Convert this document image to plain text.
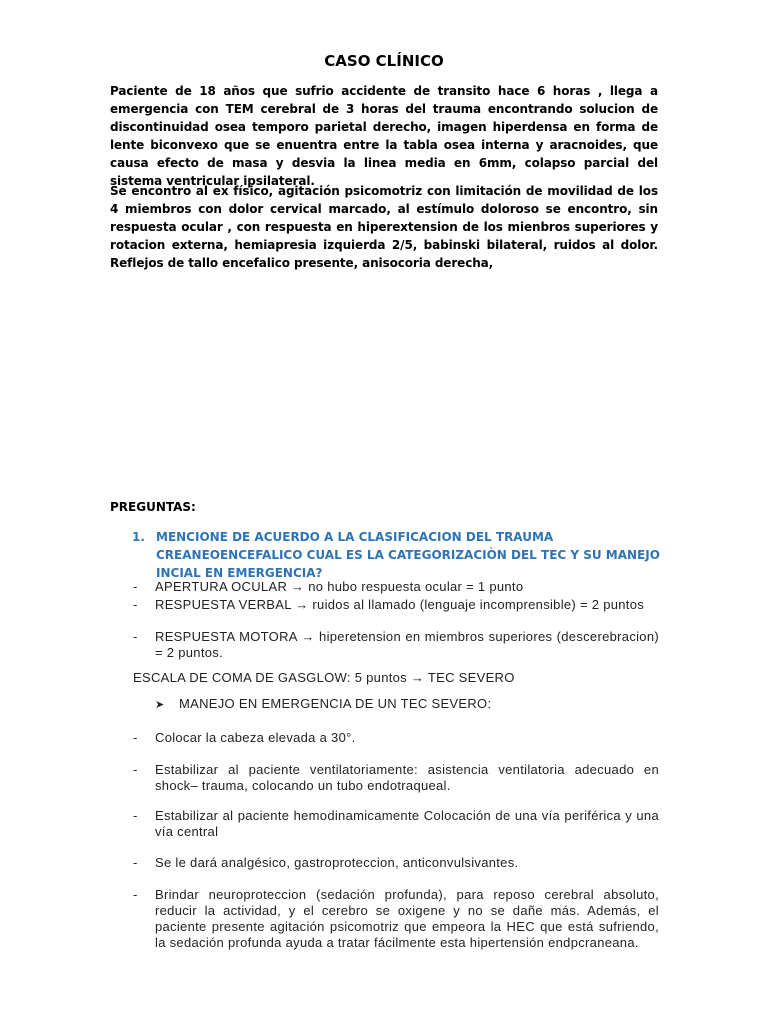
CASO CLÍNICO
Paciente de 18 años que sufrio accidente de transito hace 6 horas , llega a emergencia con TEM cerebral de 3 horas del trauma encontrando solucion de discontinuidad osea temporo parietal derecho, imagen hiperdensa en forma de lente biconvexo que se enuentra entre la tabla osea interna y aracnoides, que causa efecto de masa y desvia la linea media en 6mm, colapso parcial del sistema ventricular ipsilateral.
Se encontro al ex físico, agitación psicomotriz con limitación de movilidad de los 4 miembros con dolor cervical marcado, al estímulo doloroso se encontro, sin respuesta ocular , con respuesta en hiperextension de los mienbros superiores y rotacion externa, hemiapresia izquierda 2/5, babinski bilateral, ruidos al dolor. Reflejos de tallo encefalico presente, anisocoria derecha,
PREGUNTAS:
1. MENCIONE DE ACUERDO A LA CLASIFICACION DEL TRAUMA CREANEOENCEFALICO CUAL ES LA CATEGORIZACIÒN DEL TEC Y SU MANEJO INCIAL EN EMERGENCIA?
- APERTURA OCULAR → no hubo respuesta ocular = 1 punto
- RESPUESTA VERBAL → ruidos al llamado (lenguaje incomprensible) = 2 puntos
- RESPUESTA MOTORA → hiperetension en miembros superiores (descerebracion) = 2 puntos.
ESCALA DE COMA DE GASGLOW: 5 puntos → TEC SEVERO
➤ MANEJO EN EMERGENCIA DE UN TEC SEVERO:
- Colocar la cabeza elevada a 30°.
- Estabilizar al paciente ventilatoriamente: asistencia ventilatoria adecuado en shock– trauma, colocando un tubo endotraqueal.
- Estabilizar al paciente hemodinamicamente Colocación de una vía periférica y una vía central
- Se le dará analgésico, gastroproteccion, anticonvulsivantes.
- Brindar neuroproteccion (sedación profunda), para reposo cerebral absoluto, reducir la actividad, y el cerebro se oxigene y no se dañe más. Además, el paciente presente agitación psicomotriz que empeora la HEC que está sufriendo, la sedación profunda ayuda a tratar fácilmente esta hipertensión endpcraneana.
